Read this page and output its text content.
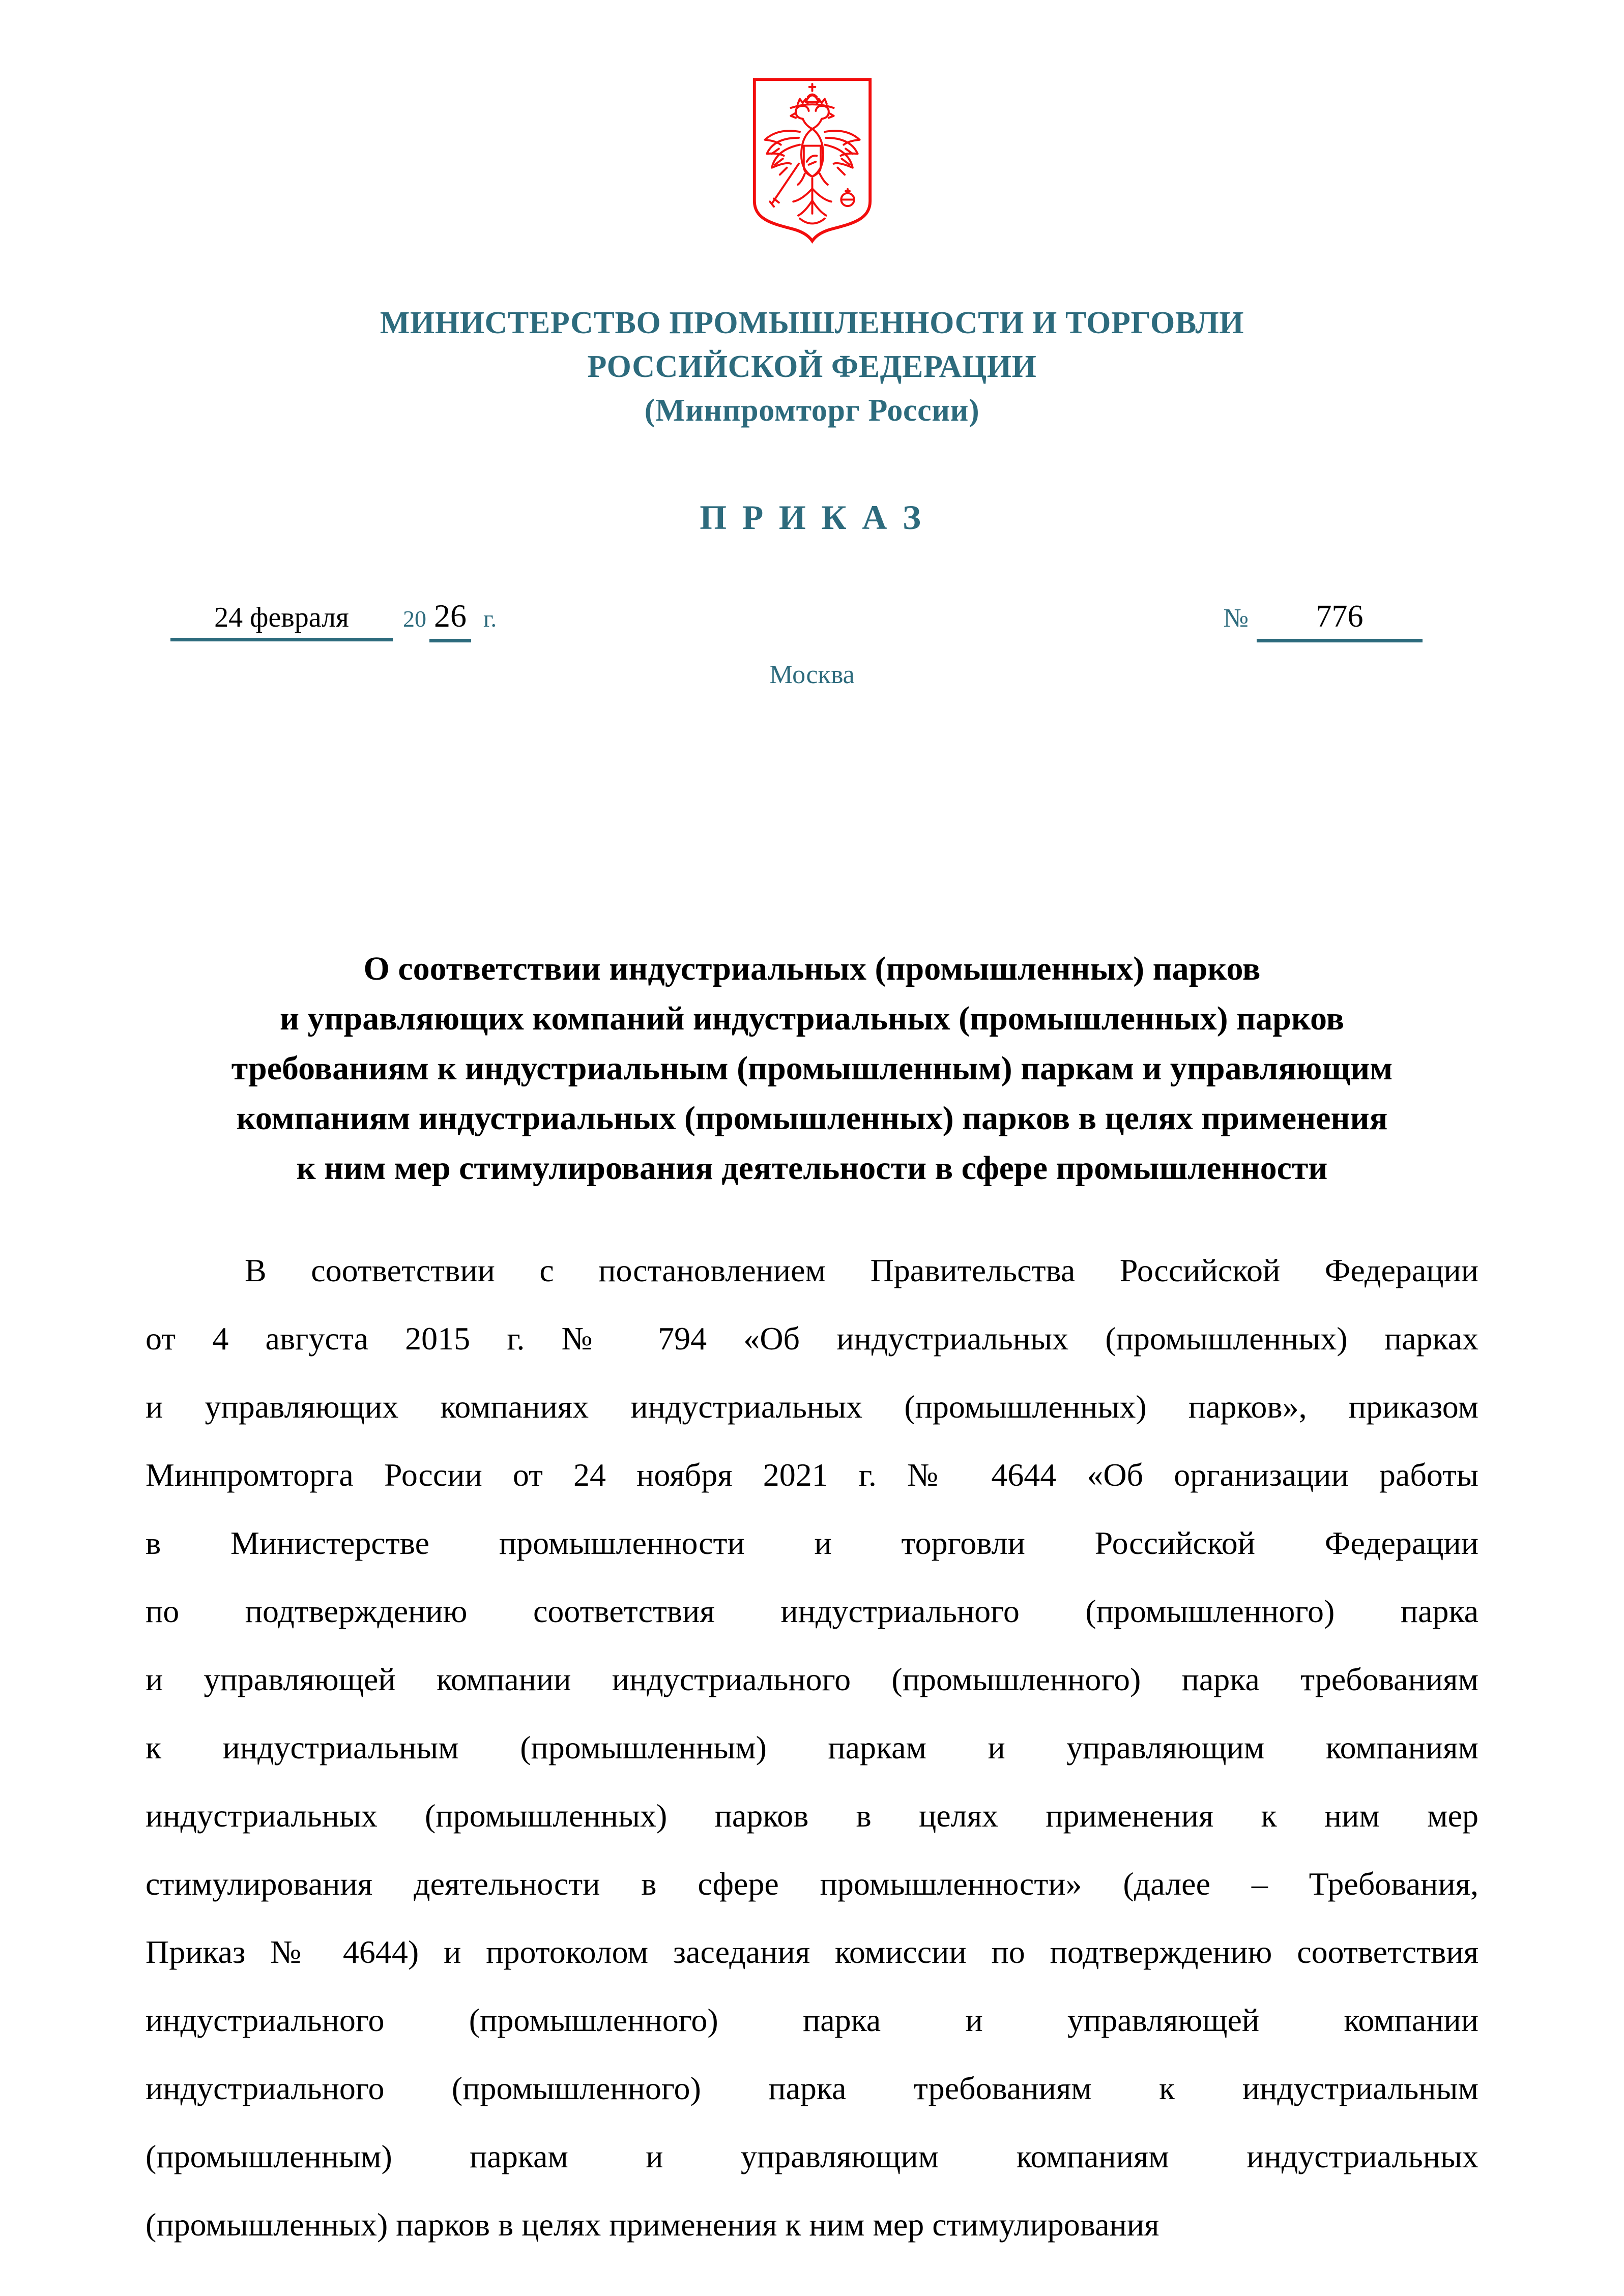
МИНИСТЕРСТВО ПРОМЫШЛЕННОСТИ И ТОРГОВЛИ
РОССИЙСКОЙ ФЕДЕРАЦИИ
(Минпромторг России)
П Р И К А З
24 февраля	20 26 г.	№	776
Москва
О соответствии индустриальных (промышленных) парков
и управляющих компаний индустриальных (промышленных) парков
требованиям к индустриальным (промышленным) паркам и управляющим
компаниям индустриальных (промышленных) парков в целях применения
к ним мер стимулирования деятельности в сфере промышленности
В соответствии с постановлением Правительства Российской Федерации
от 4 августа 2015 г. № 794 «Об индустриальных (промышленных) парках
и управляющих компаниях индустриальных (промышленных) парков», приказом
Минпромторга России от 24 ноября 2021 г. № 4644 «Об организации работы
в Министерстве промышленности и торговли Российской Федерации
по подтверждению соответствия индустриального (промышленного) парка
и управляющей компании индустриального (промышленного) парка требованиям
к индустриальным (промышленным) паркам и управляющим компаниям
индустриальных (промышленных) парков в целях применения к ним мер
стимулирования деятельности в сфере промышленности» (далее – Требования,
Приказ № 4644) и протоколом заседания комиссии по подтверждению соответствия
индустриального (промышленного) парка и управляющей компании
индустриального (промышленного) парка требованиям к индустриальным
(промышленным) паркам и управляющим компаниям индустриальных
(промышленных) парков в целях применения к ним мер стимулирования
